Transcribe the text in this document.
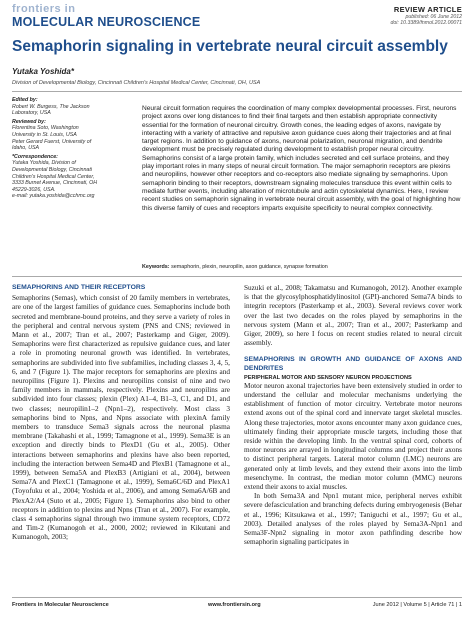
frontiers in
MOLECULAR NEUROSCIENCE
REVIEW ARTICLE
published: 06 June 2012
doi: 10.3389/fnmol.2012.00071
Semaphorin signaling in vertebrate neural circuit assembly
Yutaka Yoshida*
Division of Developmental Biology, Cincinnati Children's Hospital Medical Center, Cincinnati, OH, USA
Edited by:
Robert W. Burgess, The Jackson
Laboratory, USA
Reviewed by:
Florentina Soto, Washington
University in St. Louis, USA
Peter Gerard Fuerst, University of
Idaho, USA
*Correspondence:
Yutaka Yoshida, Division of
Developmental Biology, Cincinnati
Children's Hospital Medical Center,
3333 Burnet Avenue, Cincinnati, OH
45229-3026, USA.
e-mail: yutaka.yoshida@cchmc.org

Neural circuit formation requires the coordination of many complex developmental processes. First, neurons project axons over long distances to find their final targets and then establish appropriate connectivity essential for the formation of neuronal circuitry. Growth cones, the leading edges of axons, navigate by interacting with a variety of attractive and repulsive axon guidance cues along their trajectories and at final target regions. In addition to guidance of axons, neuronal polarization, neuronal migration, and dendrite development must be precisely regulated during development to establish proper neural circuitry. Semaphorins consist of a large protein family, which includes secreted and cell surface proteins, and they play important roles in many steps of neural circuit formation. The major semaphorin receptors are plexins and neuropilins, however other receptors and co-receptors also mediate signaling by semaphorins. Upon semaphorin binding to their receptors, downstream signaling molecules transduce this event within cells to mediate further events, including alteration of microtubule and actin cytoskeletal dynamics. Here, I review recent studies on semaphorin signaling in vertebrate neural circuit assembly, with the goal of highlighting how this diverse family of cues and receptors imparts exquisite specificity to neural complex connectivity.

Keywords: semaphorin, plexin, neuropilin, axon guidance, synapse formation
SEMAPHORINS AND THEIR RECEPTORS

Semaphorins (Semas), which consist of 20 family members in vertebrates, are one of the largest families of guidance cues. Semaphorins include both secreted and membrane-bound proteins, and they serve a variety of roles in the peripheral and central nervous system (PNS and CNS; reviewed in Mann et al., 2007; Tran et al., 2007; Pasterkamp and Giger, 2009). Semaphorins were first characterized as repulsive guidance cues, and later a role in promoting neuronal growth was identified. In vertebrates, semaphorins are subdivided into five subfamilies, including classes 3, 4, 5, 6, and 7 (Figure 1). The major receptors for semaphorins are plexins and neuropilins (Figure 1). Plexins and neuropilins consist of nine and two family members in mammals, respectively. Plexins and neuropilins are subdivided into four classes; plexin (Plex) A1–4, B1–3, C1, and D1, and two classes; neuropilin1–2 (Npn1–2), respectively. Most class 3 semaphorins bind to Npns, and Npns associate with plexinA family members to transduce Sema3 signals across the neuronal plasma membrane (Takahashi et al., 1999; Tamagnone et al., 1999). Sema3E is an exception and directly binds to PlexD1 (Gu et al., 2005). Other interactions between semaphorins and plexins have also been reported, including the interaction between Sema4D and PlexB1 (Tamagnone et al., 1999), between Sema5A and PlexB3 (Artigiani et al., 2004), between Sema7A and PlexC1 (Tamagnone et al., 1999), Sema6C/6D and PlexA1 (Toyofuku et al., 2004; Yoshida et al., 2006), and among Sema6A/6B and PlexA2/A4 (Suto et al., 2005; Figure 1). Semaphorins also bind to other receptors in addition to plexins and Npns (Tran et al., 2007). For example, class 4 semaphorins signal through two immune system receptors, CD72 and Tim-2 (Kumanogoh et al., 2000, 2002; reviewed in Kikutani and Kumanogoh, 2003;

Suzuki et al., 2008; Takamatsu and Kumanogoh, 2012). Another example is that the glycosylphosphatidylinositol (GPI)-anchored Sema7A binds to integrin receptors (Pasterkamp et al., 2003). Several reviews cover work over the last two decades on the roles played by semaphorins in the nervous system (Mann et al., 2007; Tran et al., 2007; Pasterkamp and Giger, 2009), so here I focus on recent studies related to neural circuit assembly.

SEMAPHORINS IN GROWTH AND GUIDANCE OF AXONS AND DENDRITES
PERIPHERAL MOTOR AND SENSORY NEURON PROJECTIONS

Motor neuron axonal trajectories have been extensively studied in order to understand the cellular and molecular mechanisms underlying the establishment of function of motor circuitry. Vertebrate motor neurons extend axons out of the spinal cord and innervate target skeletal muscles. Along these trajectories, motor axons encounter many axon guidance cues, ultimately finding their appropriate muscle targets, including those that reside within the developing limb. In the ventral spinal cord, cohorts of motor neurons are arrayed in longitudinal columns and project their axons to distinct peripheral targets. Lateral motor column (LMC) neurons are generated only at limb levels, and they extend their axons into the limb mesenchyme. In contrast, the median motor column (MMC) neurons extend their axons to axial muscles.

In both Sema3A and Npn1 mutant mice, peripheral nerves exhibit severe defasciculation and branching defects during embryogenesis (Behar et al., 1996; Kitsukawa et al., 1997; Taniguchi et al., 1997; Gu et al., 2003). Detailed analyses of the roles played by Sema3A-Npn1 and Sema3F-Npn2 signaling in motor axon pathfinding describe how semaphorin signaling participates in

Frontiers in Molecular Neuroscience	www.frontiersin.org	June 2012 | Volume 5 | Article 71 | 1
